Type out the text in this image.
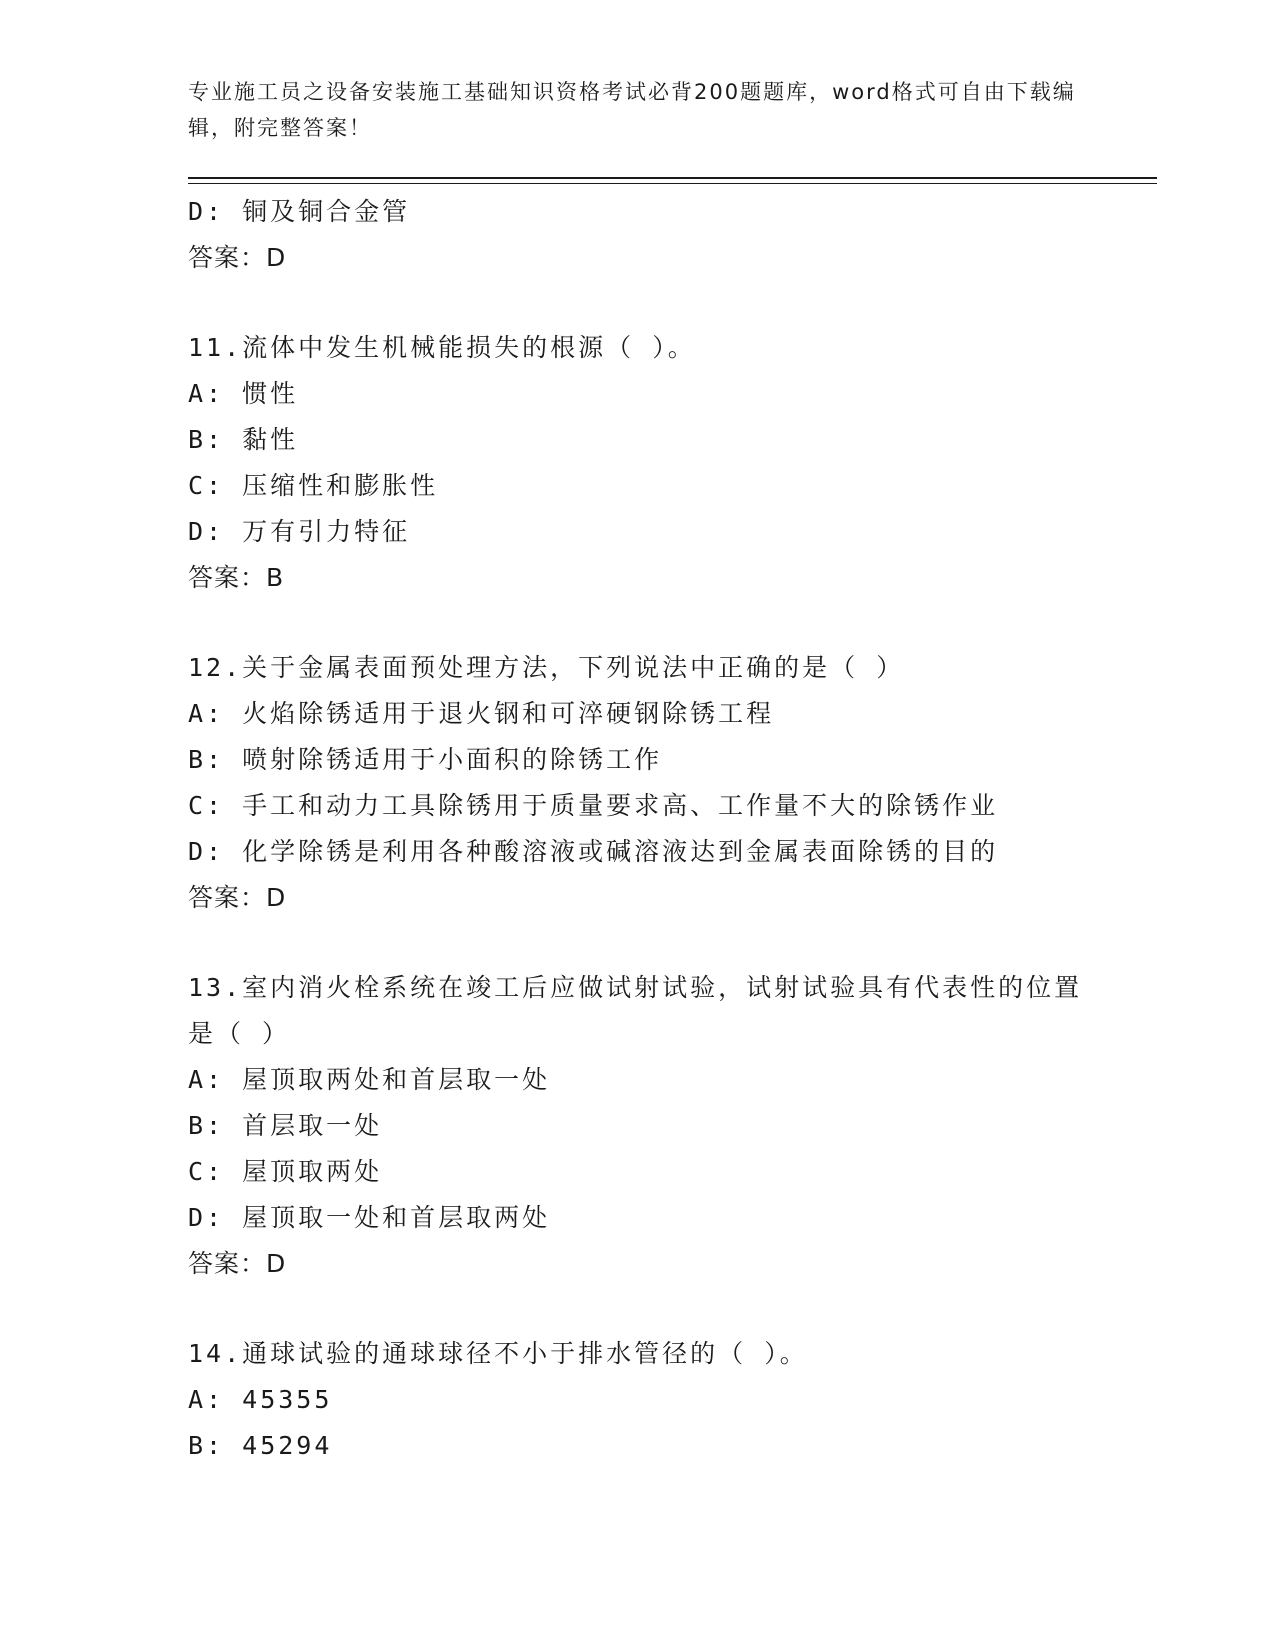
专业施工员之设备安装施工基础知识资格考试必背200题题库，word格式可自由下载编辑，附完整答案！
D: 铜及铜合金管
答案：D
11.流体中发生机械能损失的根源（ ）。
A: 惯性
B: 黏性
C: 压缩性和膨胀性
D: 万有引力特征
答案：B
12.关于金属表面预处理方法，下列说法中正确的是（ ）
A: 火焰除锈适用于退火钢和可淬硬钢除锈工程
B: 喷射除锈适用于小面积的除锈工作
C: 手工和动力工具除锈用于质量要求高、工作量不大的除锈作业
D: 化学除锈是利用各种酸溶液或碱溶液达到金属表面除锈的目的
答案：D
13.室内消火栓系统在竣工后应做试射试验，试射试验具有代表性的位置是（ ）
A: 屋顶取两处和首层取一处
B: 首层取一处
C: 屋顶取两处
D: 屋顶取一处和首层取两处
答案：D
14.通球试验的通球球径不小于排水管径的（ ）。
A: 45355
B: 45294
